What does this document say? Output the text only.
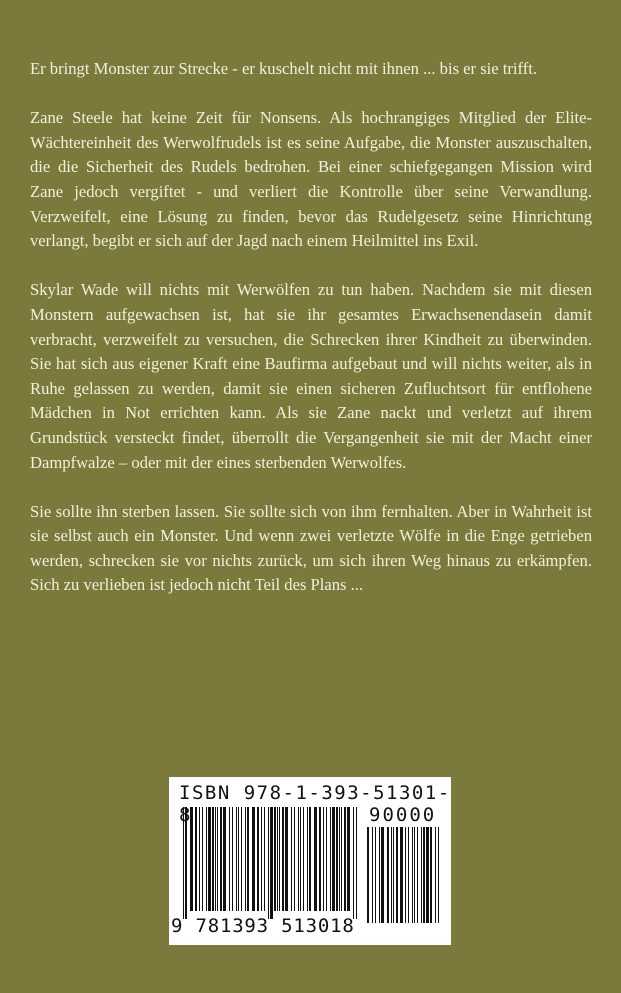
Er bringt Monster zur Strecke - er kuschelt nicht mit ihnen ... bis er sie trifft.

Zane Steele hat keine Zeit für Nonsens. Als hochrangiges Mitglied der Elite-Wächtereinheit des Werwolfrudels ist es seine Aufgabe, die Monster auszuschalten, die die Sicherheit des Rudels bedrohen. Bei einer schiefgegangen Mission wird Zane jedoch vergiftet - und verliert die Kontrolle über seine Verwandlung. Verzweifelt, eine Lösung zu finden, bevor das Rudelgesetz seine Hinrichtung verlangt, begibt er sich auf der Jagd nach einem Heilmittel ins Exil.

Skylar Wade will nichts mit Werwölfen zu tun haben. Nachdem sie mit diesen Monstern aufgewachsen ist, hat sie ihr gesamtes Erwachsenendasein damit verbracht, verzweifelt zu versuchen, die Schrecken ihrer Kindheit zu überwinden. Sie hat sich aus eigener Kraft eine Baufirma aufgebaut und will nichts weiter, als in Ruhe gelassen zu werden, damit sie einen sicheren Zufluchtsort für entflohene Mädchen in Not errichten kann. Als sie Zane nackt und verletzt auf ihrem Grundstück versteckt findet, überrollt die Vergangenheit sie mit der Macht einer Dampfwalze – oder mit der eines sterbenden Werwolfes.

Sie sollte ihn sterben lassen. Sie sollte sich von ihm fernhalten. Aber in Wahrheit ist sie selbst auch ein Monster. Und wenn zwei verletzte Wölfe in die Enge getrieben werden, schrecken sie vor nichts zurück, um sich ihren Weg hinaus zu erkämpfen. Sich zu verlieben ist jedoch nicht Teil des Plans ...

ISBN 978-1-393-51301-8	90000
9 781393 513018
